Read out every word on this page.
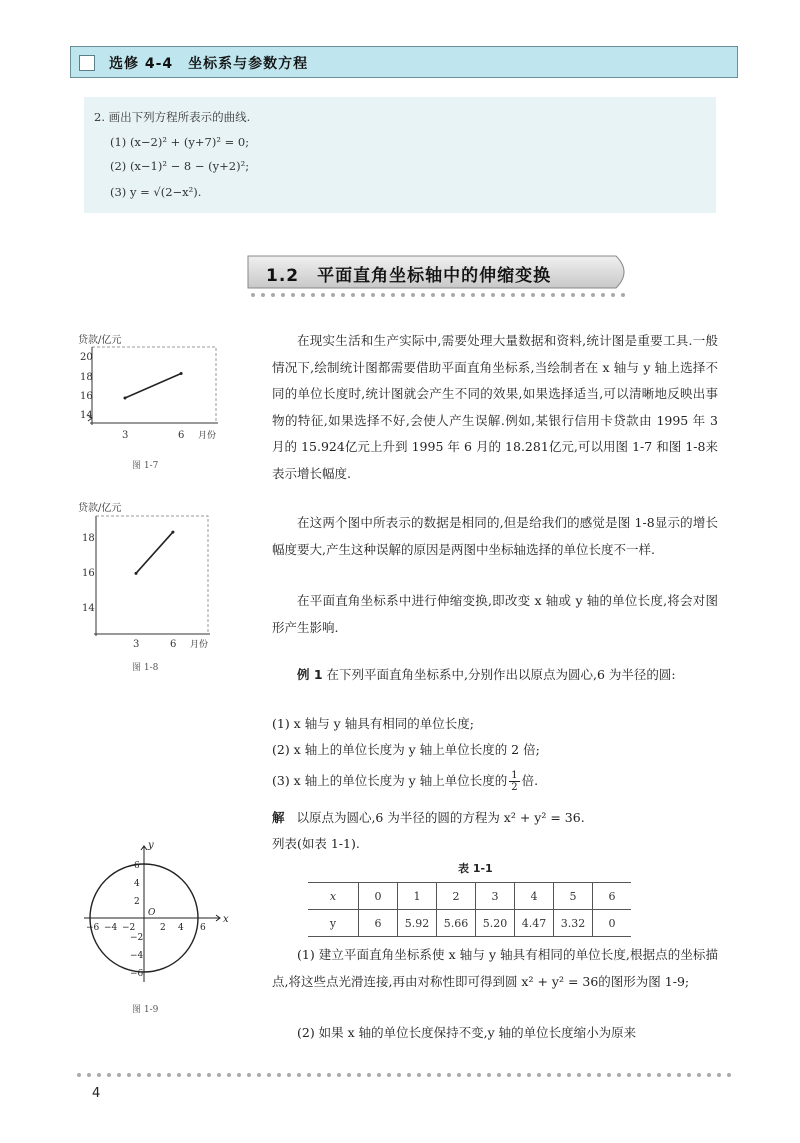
选修 4-4　坐标系与参数方程
2. 画出下列方程所表示的曲线.
(1) (x−2)² + (y+7)² = 0;
(2) (x−1)² − 8 − (y+2)²;
(3) y = √(2−x²).
1.2　平面直角坐标轴中的伸缩变换
贷款/亿元
20
18
16
14
3	6 月份
图 1-7
贷款/亿元
18
16
14
3	6 月份
图 1-8
x
y
O
−6 −4 −2	2 4 6
6
4
2
−2
−4
−6
图 1-9
在现实生活和生产实际中,需要处理大量数据和资料,统计图是重要工具.一般情况下,绘制统计图都需要借助平面直角坐标系,当绘制者在 x 轴与 y 轴上选择不同的单位长度时,统计图就会产生不同的效果,如果选择适当,可以清晰地反映出事物的特征,如果选择不好,会使人产生误解.例如,某银行信用卡贷款由 1995 年 3 月的 15.924亿元上升到 1995 年 6 月的 18.281亿元,可以用图 1-7 和图 1-8来表示增长幅度.
在这两个图中所表示的数据是相同的,但是给我们的感觉是图 1-8显示的增长幅度要大,产生这种误解的原因是两图中坐标轴选择的单位长度不一样.
在平面直角坐标系中进行伸缩变换,即改变 x 轴或 y 轴的单位长度,将会对图形产生影响.
例 1 在下列平面直角坐标系中,分别作出以原点为圆心,6 为半径的圆:
(1) x 轴与 y 轴具有相同的单位长度;
(2) x 轴上的单位长度为 y 轴上单位长度的 2 倍;
(3) x 轴上的单位长度为 y 轴上单位长度的 $\frac{1}{2}$ 倍.
解 以原点为圆心,6 为半径的圆的方程为 x² + y² = 36.
列表(如表 1-1).
表 1-1
x	0	1	2	3	4	5	6
y	6	5.92	5.66	5.20	4.47	3.32	0
(1) 建立平面直角坐标系使 x 轴与 y 轴具有相同的单位长度,根据点的坐标描点,将这些点光滑连接,再由对称性即可得到圆 x² + y² = 36的图形为图 1-9;
(2) 如果 x 轴的单位长度保持不变,y 轴的单位长度缩小为原来
4
